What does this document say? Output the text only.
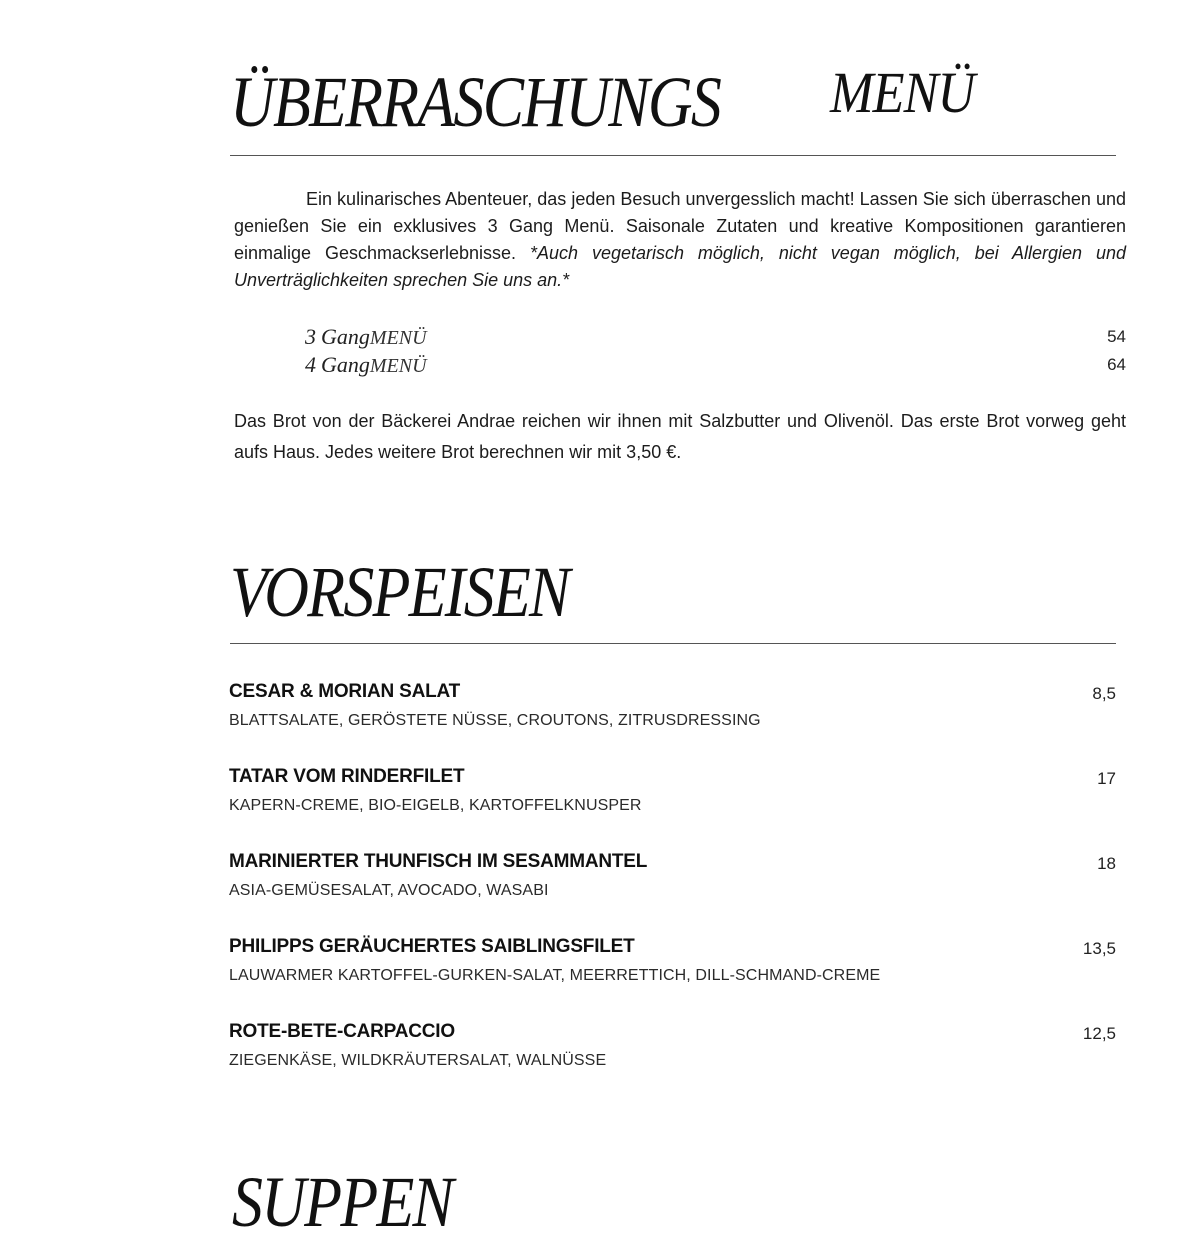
ÜBERRASCHUNGS MENÜ
Ein kulinarisches Abenteuer, das jeden Besuch unvergesslich macht! Lassen Sie sich überraschen und genießen Sie ein exklusives 3 Gang Menü. Saisonale Zutaten und kreative Kompositionen garantieren einmalige Geschmackserlebnisse. *Auch vegetarisch möglich, nicht vegan möglich, bei Allergien und Unverträglichkeiten sprechen Sie uns an.*
3 GangMENÜ	54
4 GangMENÜ	64
Das Brot von der Bäckerei Andrae reichen wir ihnen mit Salzbutter und Olivenöl. Das erste Brot vorweg geht aufs Haus. Jedes weitere Brot berechnen wir mit 3,50 €.
VORSPEISEN
CESAR & MORIAN SALAT	8,5
BLATTSALATE, GERÖSTETE NÜSSE, CROUTONS, ZITRUSDRESSING
TATAR VOM RINDERFILET	17
KAPERN-CREME, BIO-EIGELB, KARTOFFELKNUSPER
MARINIERTER THUNFISCH IM SESAMMANTEL	18
ASIA-GEMÜSESALAT, AVOCADO, WASABI
PHILIPPS GERÄUCHERTES SAIBLINGSFILET	13,5
LAUWARMER KARTOFFEL-GURKEN-SALAT, MEERRETTICH, DILL-SCHMAND-CREME
ROTE-BETE-CARPACCIO	12,5
ZIEGENKÄSE, WILDKRÄUTERSALAT, WALNÜSSE
SUPPEN
